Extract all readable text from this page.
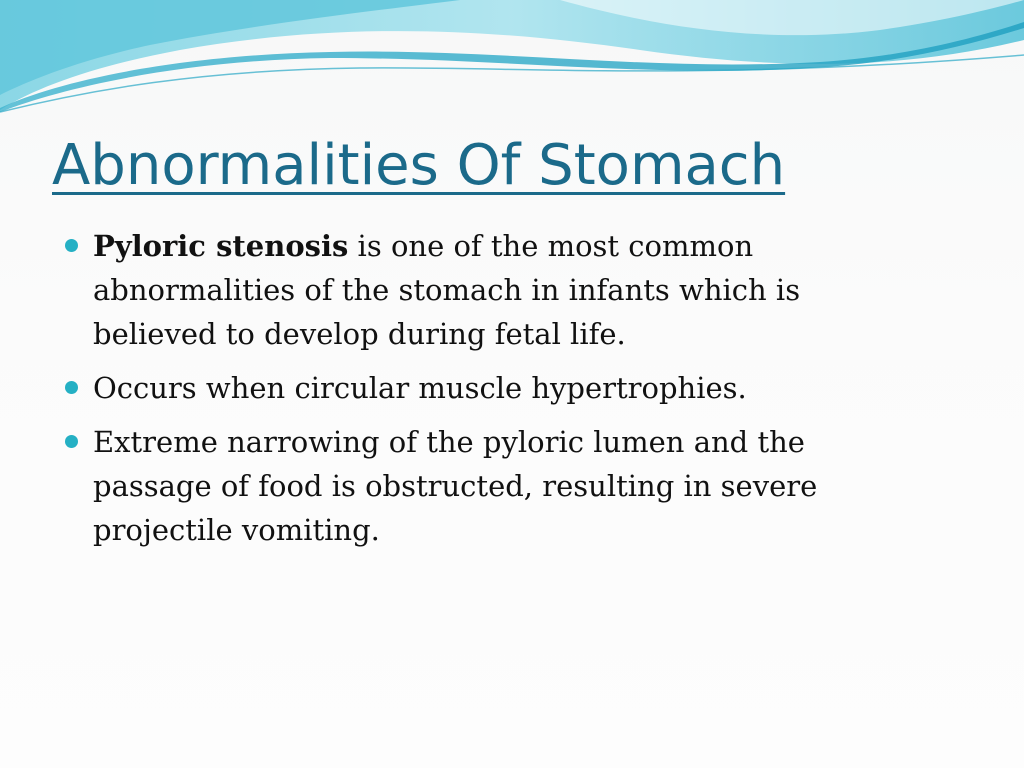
Abnormalities Of Stomach
Pyloric stenosis is one of the most common abnormalities of the stomach in infants which is believed to develop during fetal life.
Occurs when circular muscle hypertrophies.
Extreme narrowing of the pyloric lumen and the passage of food is obstructed, resulting in severe projectile vomiting.
